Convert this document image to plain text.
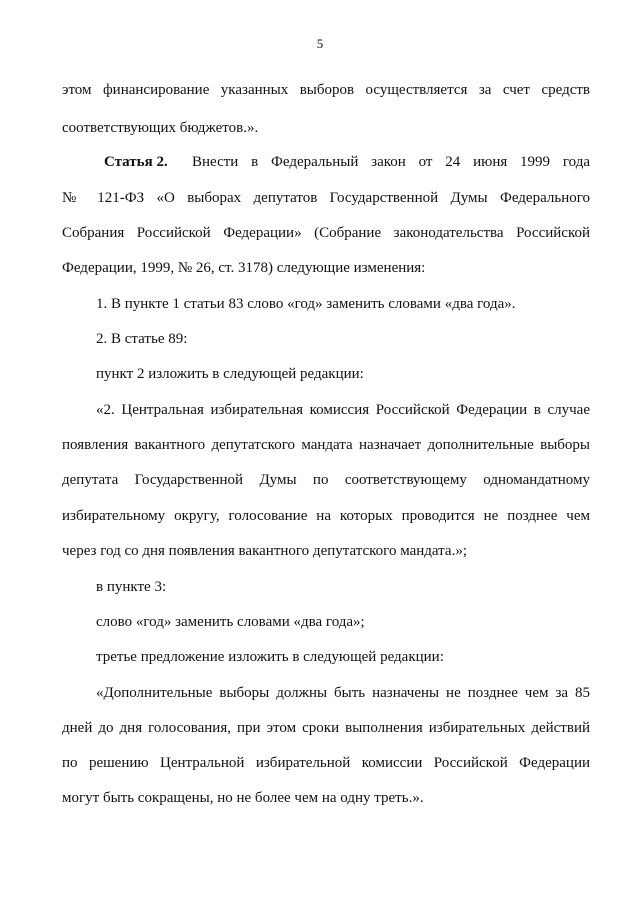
5
этом финансирование указанных выборов осуществляется за счет средств
соответствующих бюджетов.».
Статья 2. Внести в Федеральный закон от 24 июня 1999 года
№ 121-ФЗ «О выборах депутатов Государственной Думы Федерального
Собрания Российской Федерации» (Собрание законодательства Российской
Федерации, 1999, № 26, ст. 3178) следующие изменения:
1. В пункте 1 статьи 83 слово «год» заменить словами «два года».
2. В статье 89:
пункт 2 изложить в следующей редакции:
«2. Центральная избирательная комиссия Российской Федерации в случае
появления вакантного депутатского мандата назначает дополнительные выборы
депутата Государственной Думы по соответствующему одномандатному
избирательному округу, голосование на которых проводится не позднее чем
через год со дня появления вакантного депутатского мандата.»;
в пункте 3:
слово «год» заменить словами «два года»;
третье предложение изложить в следующей редакции:
«Дополнительные выборы должны быть назначены не позднее чем за 85
дней до дня голосования, при этом сроки выполнения избирательных действий
по решению Центральной избирательной комиссии Российской Федерации
могут быть сокращены, но не более чем на одну треть.».
